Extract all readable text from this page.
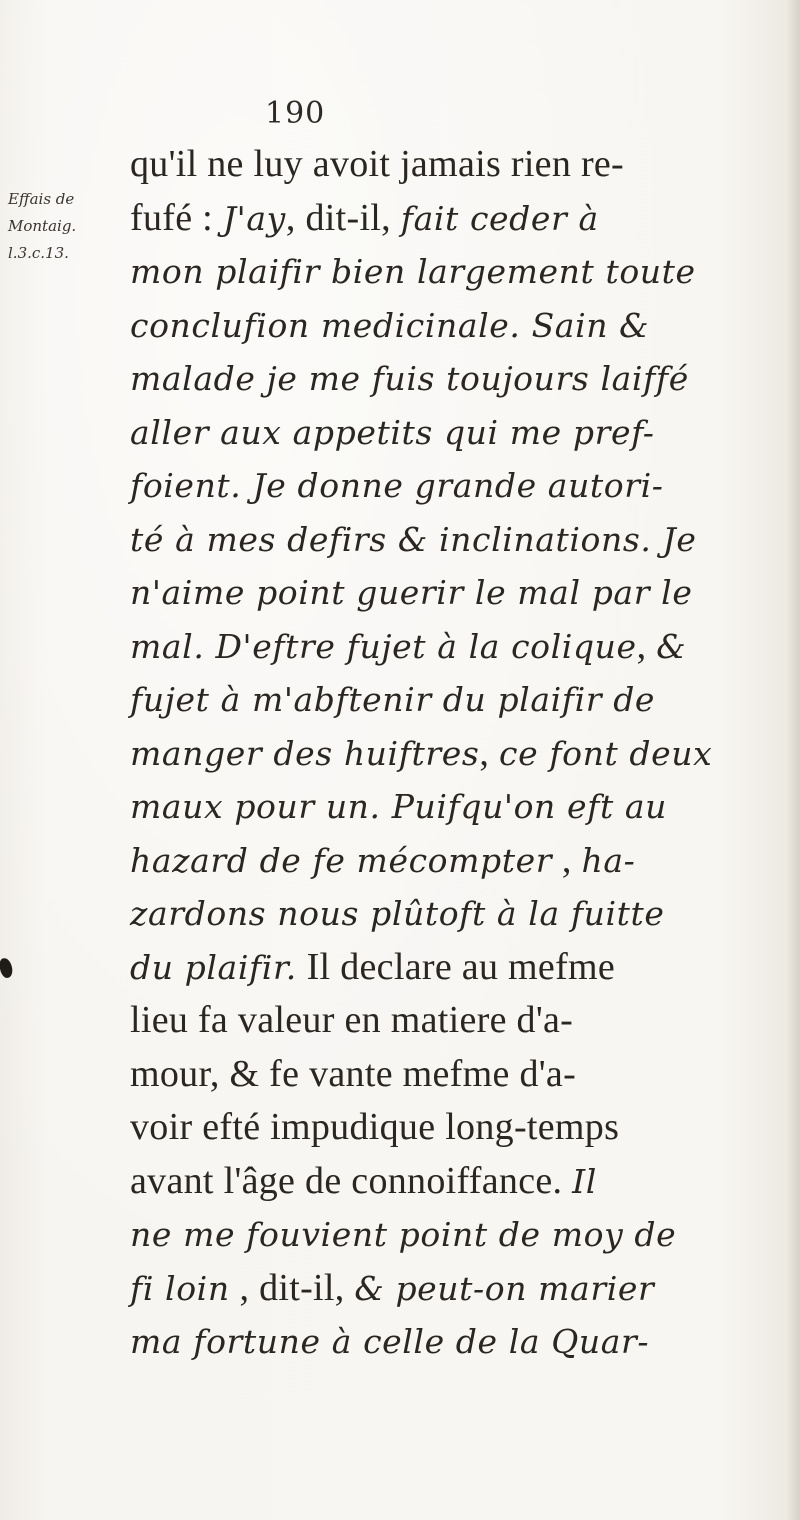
190
Effais de
Montaig.
l.3.c.13.
qu'il ne luy avoit jamais rien re-
fufé : J'ay, dit-il, fait ceder à
mon plaifir bien largement toute
conclufion medicinale. Sain &
malade je me fuis toujours laiffé
aller aux appetits qui me pref-
foient. Je donne grande autori-
té à mes defirs & inclinations. Je
n'aime point guerir le mal par le
mal. D'eftre fujet à la colique, &
fujet à m'abftenir du plaifir de
manger des huiftres, ce font deux
maux pour un. Puifqu'on eft au
hazard de fe mécompter , ha-
zardons nous plûtoft à la fuitte
du plaifir. Il declare au mefme
lieu fa valeur en matiere d'a-
mour, & fe vante mefme d'a-
voir efté impudique long-temps
avant l'âge de connoiffance. Il
ne me fouvient point de moy de
fi loin , dit-il, & peut-on marier
ma fortune à celle de la Quar-
